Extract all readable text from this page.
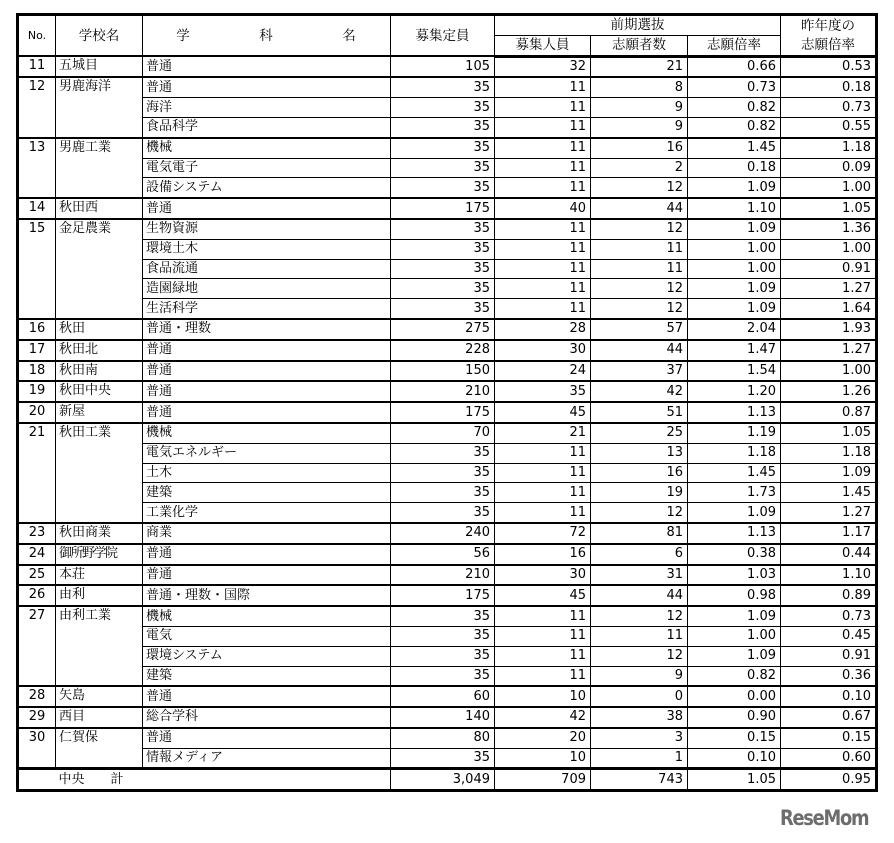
No.	学校名	学　科　名	募集定員	前期選抜			昨年度の
				募集人員	志願者数	志願倍率	志願倍率
11	五城目	普通	105	32	21	0.66	0.53
12	男鹿海洋	普通	35	11	8	0.73	0.18
		海洋	35	11	9	0.82	0.73
		食品科学	35	11	9	0.82	0.55
13	男鹿工業	機械	35	11	16	1.45	1.18
		電気電子	35	11	2	0.18	0.09
		設備システム	35	11	12	1.09	1.00
14	秋田西	普通	175	40	44	1.10	1.05
15	金足農業	生物資源	35	11	12	1.09	1.36
		環境土木	35	11	11	1.00	1.00
		食品流通	35	11	11	1.00	0.91
		造園緑地	35	11	12	1.09	1.27
		生活科学	35	11	12	1.09	1.64
16	秋田	普通・理数	275	28	57	2.04	1.93
17	秋田北	普通	228	30	44	1.47	1.27
18	秋田南	普通	150	24	37	1.54	1.00
19	秋田中央	普通	210	35	42	1.20	1.26
20	新屋	普通	175	45	51	1.13	0.87
21	秋田工業	機械	70	21	25	1.19	1.05
		電気エネルギー	35	11	13	1.18	1.18
		土木	35	11	16	1.45	1.09
		建築	35	11	19	1.73	1.45
		工業化学	35	11	12	1.09	1.27
23	秋田商業	商業	240	72	81	1.13	1.17
24	御所野学院	普通	56	16	6	0.38	0.44
25	本荘	普通	210	30	31	1.03	1.10
26	由利	普通・理数・国際	175	45	44	0.98	0.89
27	由利工業	機械	35	11	12	1.09	0.73
		電気	35	11	11	1.00	0.45
		環境システム	35	11	12	1.09	0.91
		建築	35	11	9	0.82	0.36
28	矢島	普通	60	10	0	0.00	0.10
29	西目	総合学科	140	42	38	0.90	0.67
30	仁賀保	普通	80	20	3	0.15	0.15
		情報メディア	35	10	1	0.10	0.60
	中央　　計		3,049	709	743	1.05	0.95
ReseMom
